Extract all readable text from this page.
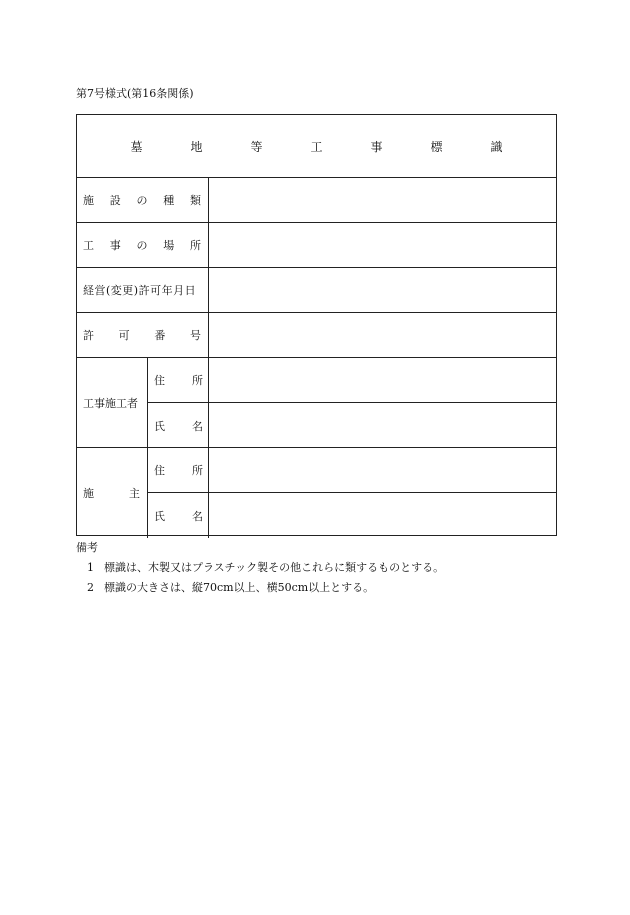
第7号様式(第16条関係)
墓　地　等　工　事　標　識
施 設 の 種 類
工 事 の 場 所
経営(変更)許可年月日
許 可 番 号
工事施工者
住 所
氏 名
施	主
住 所
氏 名
備考
1 標識は、木製又はプラスチック製その他これらに類するものとする。
2 標識の大きさは、縦70cm以上、横50cm以上とする。
